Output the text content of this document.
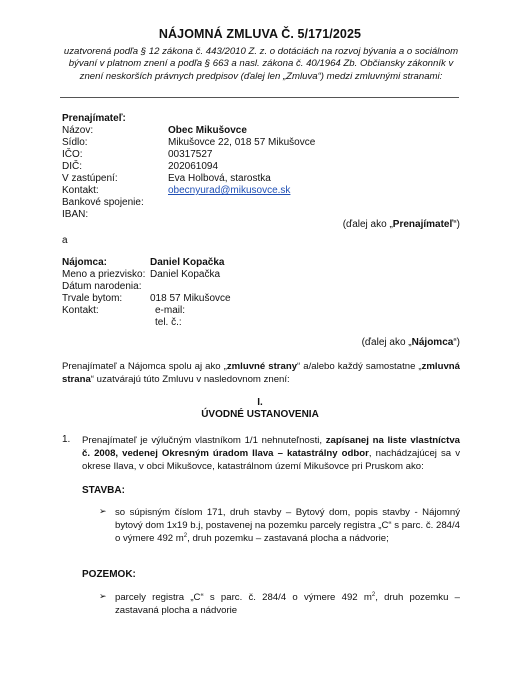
NÁJOMNÁ ZMLUVA Č. 5/171/2025
uzatvorená podľa § 12 zákona č. 443/2010 Z. z. o dotáciách na rozvoj bývania a o sociálnom bývaní v platnom znení a podľa § 663 a nasl. zákona č. 40/1964 Zb. Občiansky zákonník v znení neskorších právnych predpisov (ďalej len „Zmluva“) medzi zmluvnými stranami:
Prenajímateľ:
Názov:	Obec Mikušovce
Sídlo:	Mikušovce 22, 018 57 Mikušovce
IČO:	00317527
DIČ:	202061094
V zastúpení:	Eva Holbová, starostka
Kontakt:	obecnyurad@mikusovce.sk
Bankové spojenie:
IBAN:
(ďalej ako „Prenajímateľ“)
a
Nájomca:	Daniel Kopačka
Meno a priezvisko: Daniel Kopačka
Dátum narodenia:
Trvale bytom:	018 57 Mikušovce
Kontakt:	e-mail:
tel. č.:
(ďalej ako „Nájomca“)
Prenajímateľ a Nájomca spolu aj ako „zmluvné strany“ a/alebo každý samostatne „zmluvná strana“ uzatvárajú túto Zmluvu v nasledovnom znení:
I.
ÚVODNÉ USTANOVENIA
1. Prenajímateľ je výlučným vlastníkom 1/1 nehnuteľnosti, zapísanej na liste vlastníctva č. 2008, vedenej Okresným úradom Ilava – katastrálny odbor, nachádzajúcej sa v okrese Ilava, v obci Mikušovce, katastrálnom území Mikušovce pri Pruskom ako:
STAVBA:
➢ so súpisným číslom 171, druh stavby – Bytový dom, popis stavby - Nájomný bytový dom 1x19 b.j, postavenej na pozemku parcely registra „C“ s parc. č. 284/4 o výmere 492 $m^2$, druh pozemku – zastavaná plocha a nádvorie;
POZEMOK:
➢ parcely registra „C“ s parc. č. 284/4 o výmere 492 $m^2$, druh pozemku – zastavaná plocha a nádvorie
